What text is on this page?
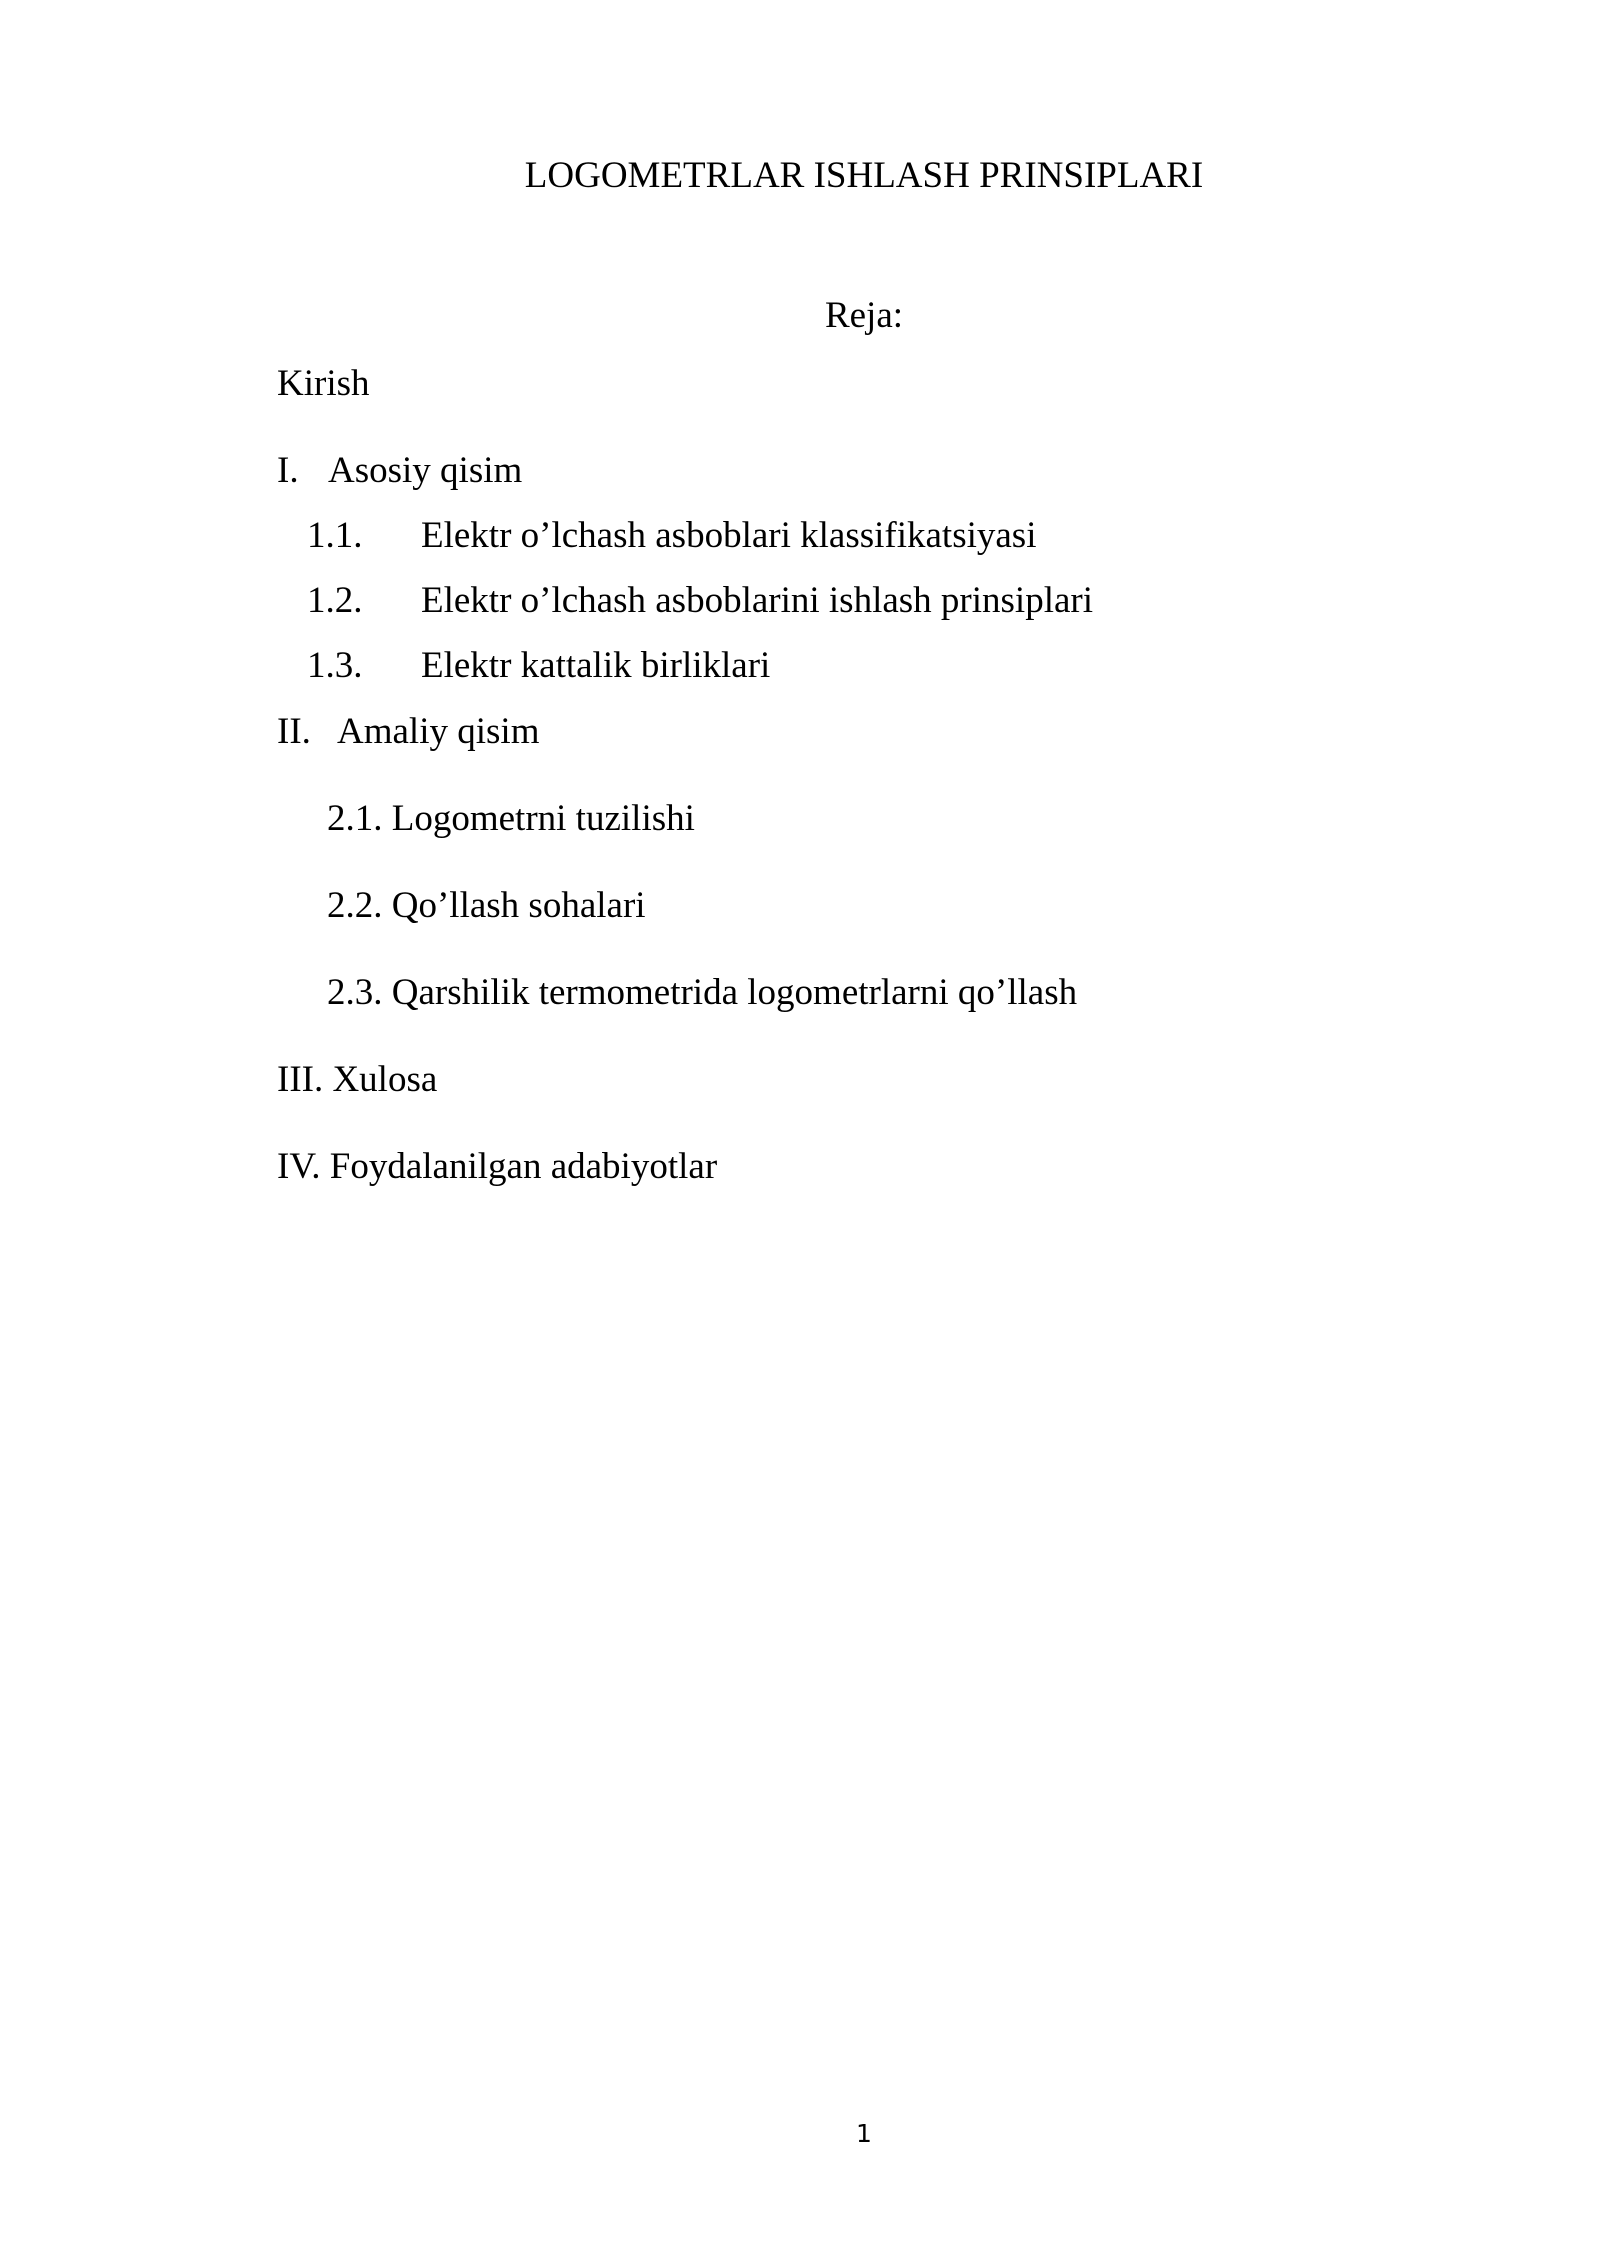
LOGOMETRLAR ISHLASH PRINSIPLARI
Reja:
Kirish
I. Asosiy qisim
1.1. Elektr o’lchash asboblari klassifikatsiyasi
1.2. Elektr o’lchash asboblarini ishlash prinsiplari
1.3. Elektr kattalik birliklari
II. Amaliy qisim
2.1. Logometrni tuzilishi
2.2. Qo’llash sohalari
2.3. Qarshilik termometrida logometrlarni qo’llash
III. Xulosa
IV. Foydalanilgan adabiyotlar
1
